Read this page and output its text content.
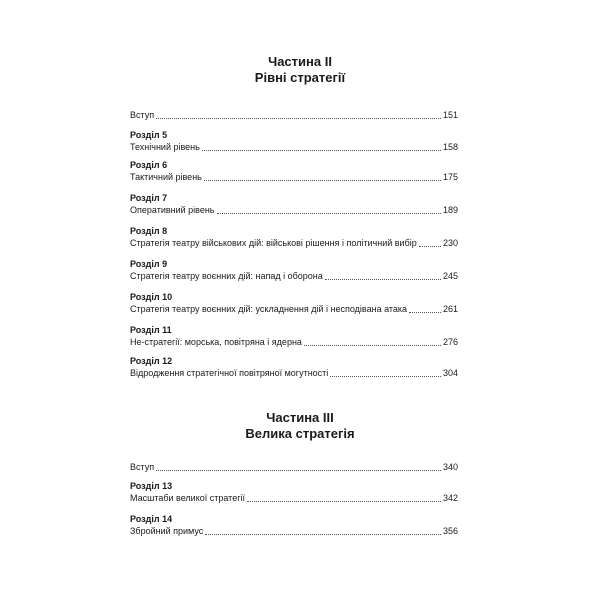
Частина II
Рівні стратегії
Вступ	151
Розділ 5
Технічний рівень	158
Розділ 6
Тактичний рівень	175
Розділ 7
Оперативний рівень	189
Розділ 8
Стратегія театру військових дій: військові рішення і політичний вибір	230
Розділ 9
Стратегія театру воєнних дій: напад і оборона	245
Розділ 10
Стратегія театру воєнних дій: ускладнення дій і несподівана атака	261
Розділ 11
Не-стратегії: морська, повітряна і ядерна	276
Розділ 12
Відродження стратегічної повітряної могутності	304
Частина III
Велика стратегія
Вступ	340
Розділ 13
Масштаби великої стратегії	342
Розділ 14
Збройний примус	356
